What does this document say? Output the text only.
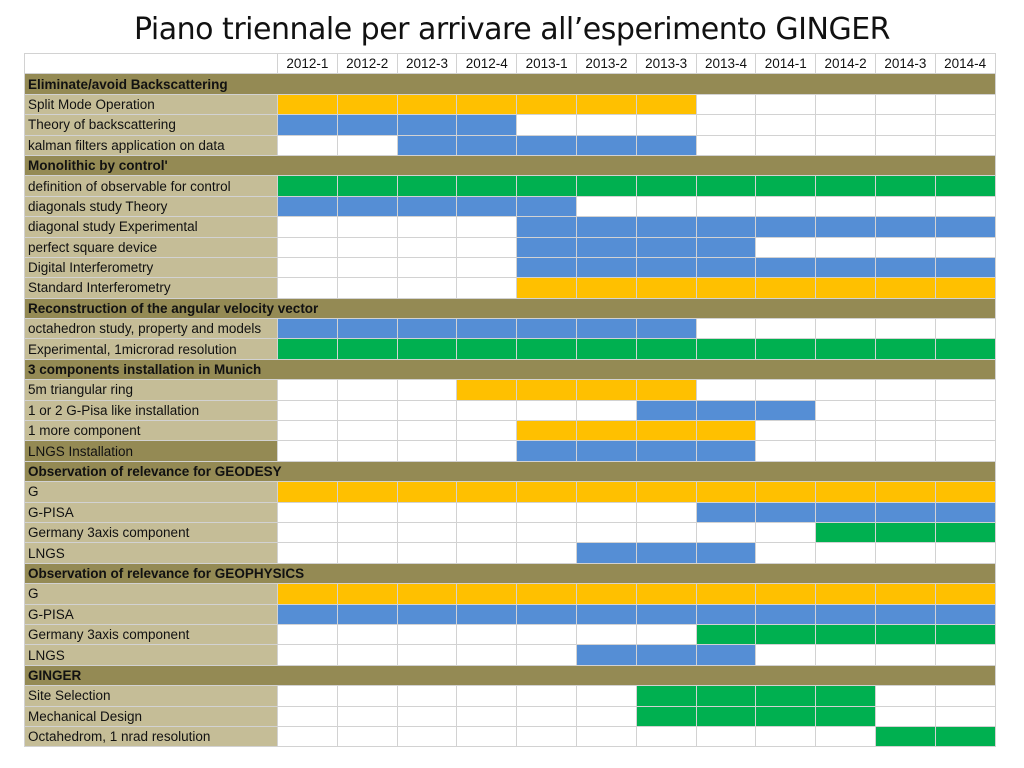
Piano triennale per arrivare all’esperimento GINGER
	2012-1	2012-2	2012-3	2012-4	2013-1	2013-2	2013-3	2013-4	2014-1	2014-2	2014-3	2014-4
Eliminate/avoid Backscattering												
Split Mode Operation												
Theory of backscattering												
kalman filters application on data												
Monolithic by control'												
definition of observable for control												
diagonals study Theory												
diagonal study Experimental												
perfect square device												
Digital Interferometry												
Standard Interferometry												
Reconstruction of the angular velocity vector												
octahedron study, property and models												
Experimental, 1microrad resolution												
3 components installation in Munich												
5m triangular ring												
1 or 2 G-Pisa like installation												
1 more component												
LNGS Installation												
Observation of relevance for GEODESY												
G												
G-PISA												
Germany 3axis component												
LNGS												
Observation of relevance for GEOPHYSICS												
G												
G-PISA												
Germany 3axis component												
LNGS												
GINGER												
Site Selection												
Mechanical Design												
Octahedrom, 1 nrad resolution												
